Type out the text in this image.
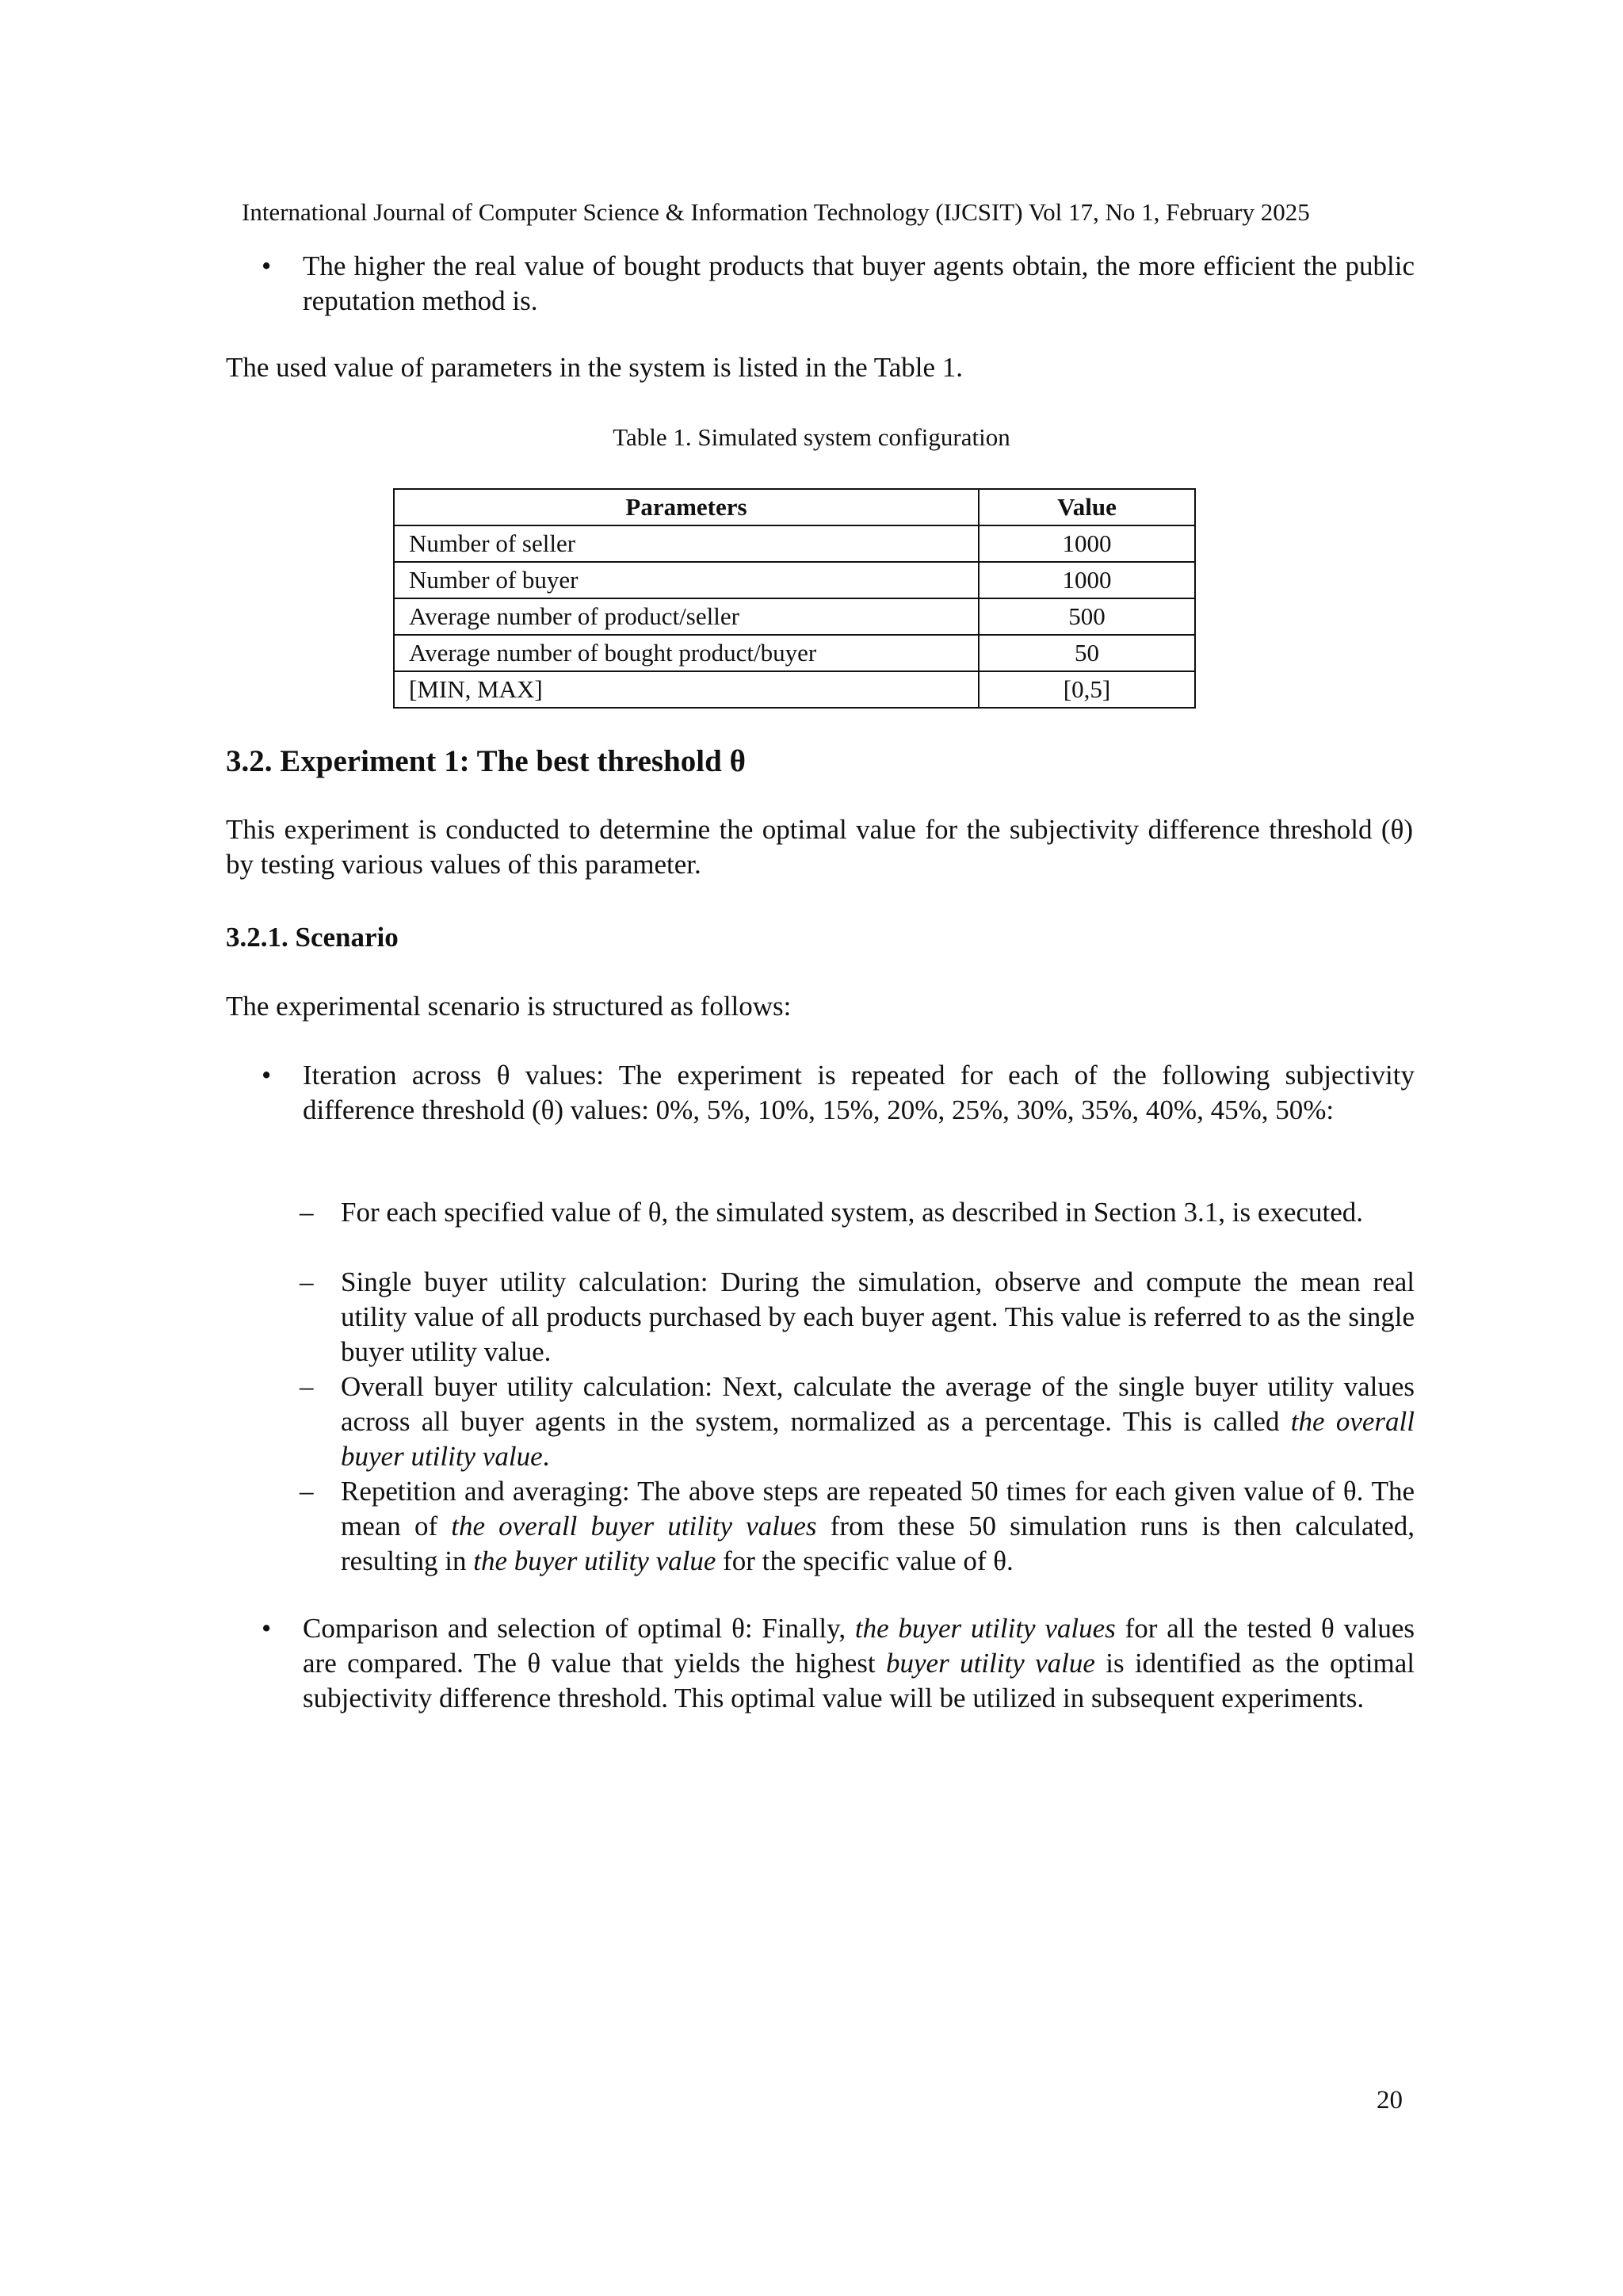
International Journal of Computer Science & Information Technology (IJCSIT) Vol 17, No 1, February 2025
• The higher the real value of bought products that buyer agents obtain, the more efficient the public reputation method is.
The used value of parameters in the system is listed in the Table 1.
Table 1. Simulated system configuration
Parameters	Value
Number of seller	1000
Number of buyer	1000
Average number of product/seller	500
Average number of bought product/buyer	50
[MIN, MAX]	[0,5]
3.2. Experiment 1: The best threshold θ
This experiment is conducted to determine the optimal value for the subjectivity difference threshold (θ) by testing various values of this parameter.
3.2.1. Scenario
The experimental scenario is structured as follows:
• Iteration across θ values: The experiment is repeated for each of the following subjectivity difference threshold (θ) values: 0%, 5%, 10%, 15%, 20%, 25%, 30%, 35%, 40%, 45%, 50%:
– For each specified value of θ, the simulated system, as described in Section 3.1, is executed.
– Single buyer utility calculation: During the simulation, observe and compute the mean real utility value of all products purchased by each buyer agent. This value is referred to as the single buyer utility value.
– Overall buyer utility calculation: Next, calculate the average of the single buyer utility values across all buyer agents in the system, normalized as a percentage. This is called the overall buyer utility value.
– Repetition and averaging: The above steps are repeated 50 times for each given value of θ. The mean of the overall buyer utility values from these 50 simulation runs is then calculated, resulting in the buyer utility value for the specific value of θ.
• Comparison and selection of optimal θ: Finally, the buyer utility values for all the tested θ values are compared. The θ value that yields the highest buyer utility value is identified as the optimal subjectivity difference threshold. This optimal value will be utilized in subsequent experiments.
20
